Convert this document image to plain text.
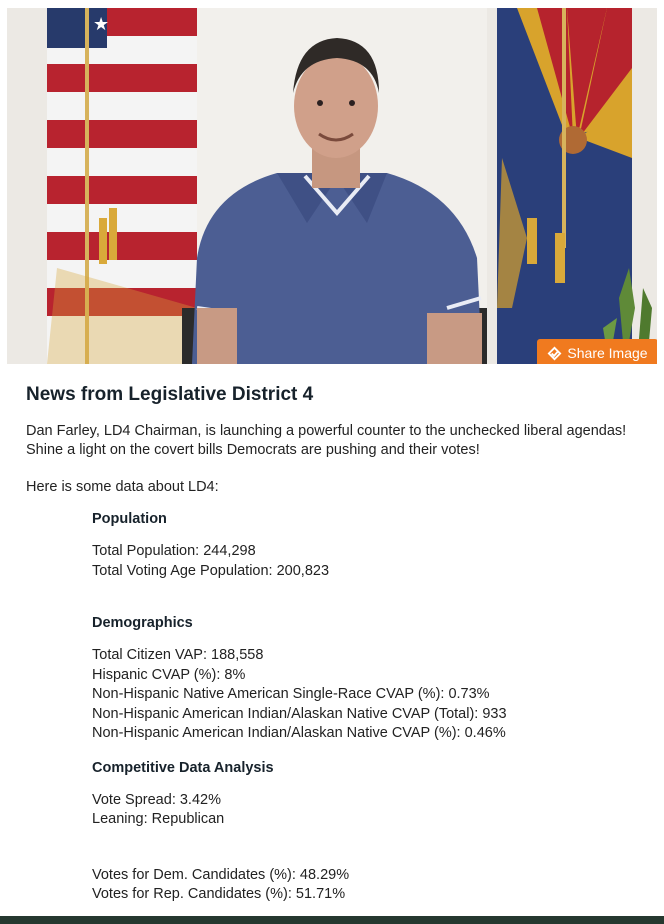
★
Share Image
News from Legislative District 4

Dan Farley, LD4 Chairman, is launching a powerful counter to the unchecked liberal agendas! Shine a light on the covert bills Democrats are pushing and their votes!

Here is some data about LD4:

Population
Total Population: 244,298
Total Voting Age Population: 200,823
Demographics
Total Citizen VAP: 188,558
Hispanic CVAP (%): 8%
Non-Hispanic Native American Single-Race CVAP (%): 0.73%
Non-Hispanic American Indian/Alaskan Native CVAP (Total): 933
Non-Hispanic American Indian/Alaskan Native CVAP (%): 0.46%
Competitive Data Analysis
Vote Spread: 3.42%
Leaning: Republican
Votes for Dem. Candidates (%): 48.29%
Votes for Rep. Candidates (%): 51.71%
